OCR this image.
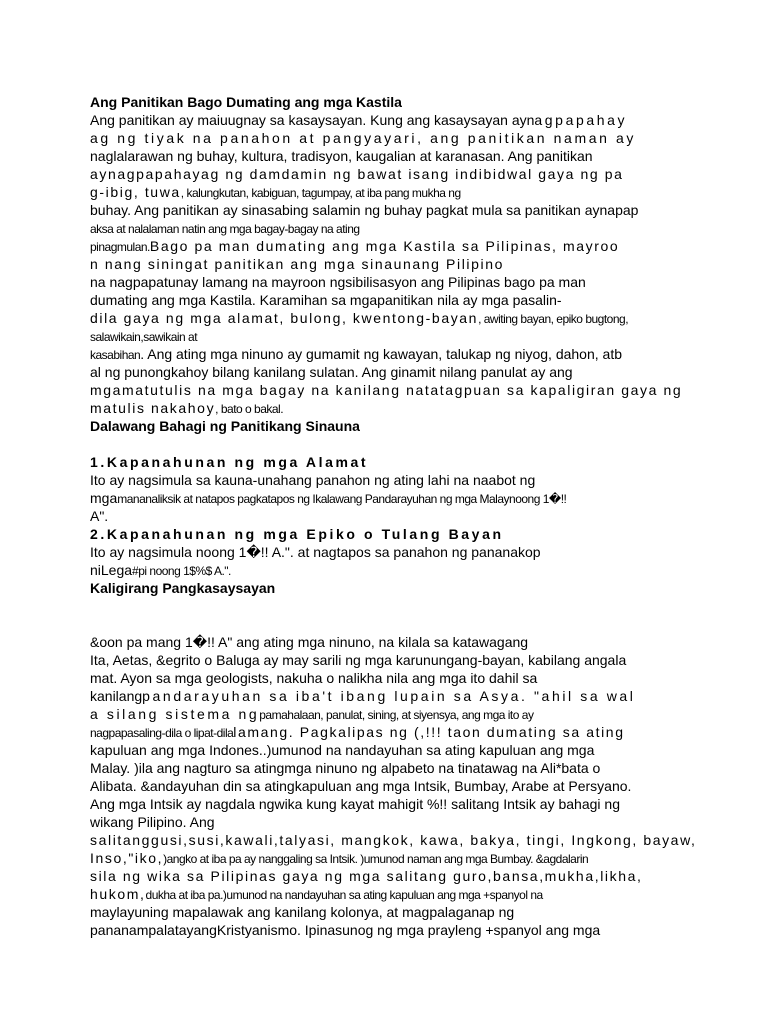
Ang Panitikan Bago Dumating ang mga Kastila
Ang panitikan ay maiuugnay sa kasaysayan. Kung ang kasaysayan aynagpapahay
ag ng tiyak na panahon at pangyayari, ang panitikan naman ay
naglalarawan ng buhay, kultura, tradisyon, kaugalian at karanasan. Ang panitikan
aynagpapahayag ng damdamin ng bawat isang indibidwal gaya ng pa
g-ibig, tuwa, kalungkutan, kabiguan, tagumpay, at iba pang mukha ng
buhay. Ang panitikan ay sinasabing salamin ng buhay pagkat mula sa panitikan aynapap
aksa at nalalaman natin ang mga bagay-bagay na ating
pinagmulan.Bago pa man dumating ang mga Kastila sa Pilipinas, mayroo
n nang siningat panitikan ang mga sinaunang Pilipino
na nagpapatunay lamang na mayroon ngsibilisasyon ang Pilipinas bago pa man
dumating ang mga Kastila. Karamihan sa mgapanitikan nila ay mga pasalin-
dila gaya ng mga alamat, bulong, kwentong-bayan, awiting bayan, epiko bugtong,
salawikain,sawikain at
kasabihan. Ang ating mga ninuno ay gumamit ng kawayan, talukap ng niyog, dahon, atb
al ng punongkahoy bilang kanilang sulatan. Ang ginamit nilang panulat ay ang
mgamatutulis na mga bagay na kanilang natatagpuan sa kapaligiran gaya ng
matulis nakahoy, bato o bakal.
Dalawang Bahagi ng Panitikang Sinauna
1.Kapanahunan ng mga Alamat
Ito ay nagsimula sa kauna-unahang panahon ng ating lahi na naabot ng
mgamananaliksik at natapos pagkatapos ng Ikalawang Pandarayuhan ng mga Malaynoong 1�!!
A".
2.Kapanahunan ng mga Epiko o Tulang Bayan
Ito ay nagsimula noong 1�!! A.". at nagtapos sa panahon ng pananakop
niLega#pi noong 1$%$ A.".
Kaligirang Pangkasaysayan
&oon pa mang 1�!! A" ang ating mga ninuno, na kilala sa katawagang
Ita, Aetas, &egrito o Baluga ay may sarili ng mga karunungang-bayan, kabilang angala
mat. Ayon sa mga geologists, nakuha o nalikha nila ang mga ito dahil sa
kanilangpandarayuhan sa iba't ibang lupain sa Asya. "ahil sa wal
a silang sistema ngpamahalaan, panulat, sining, at siyensya, ang mga ito ay
nagpapasaling-dila o lipat-dilalamang. Pagkalipas ng (,!!! taon dumating sa ating
kapuluan ang mga Indones..)umunod na nandayuhan sa ating kapuluan ang mga
Malay. )ila ang nagturo sa atingmga ninuno ng alpabeto na tinatawag na Ali*bata o
Alibata. &andayuhan din sa atingkapuluan ang mga Intsik, Bumbay, Arabe at Persyano.
Ang mga Intsik ay nagdala ngwika kung kayat mahigit %!! salitang Intsik ay bahagi ng
wikang Pilipino. Ang
salitanggusi,susi,kawali,talyasi, mangkok, kawa, bakya, tingi, Ingkong, bayaw,
Inso,"iko,)angko at iba pa ay nanggaling sa Intsik. )umunod naman ang mga Bumbay. &agdalarin
sila ng wika sa Pilipinas gaya ng mga salitang guro,bansa,mukha,likha,
hukom,dukha at iba pa.)umunod na nandayuhan sa ating kapuluan ang mga +spanyol na
maylayuning mapalawak ang kanilang kolonya, at magpalaganap ng
pananampalatayangKristyanismo. Ipinasunog ng mga prayleng +spanyol ang mga
